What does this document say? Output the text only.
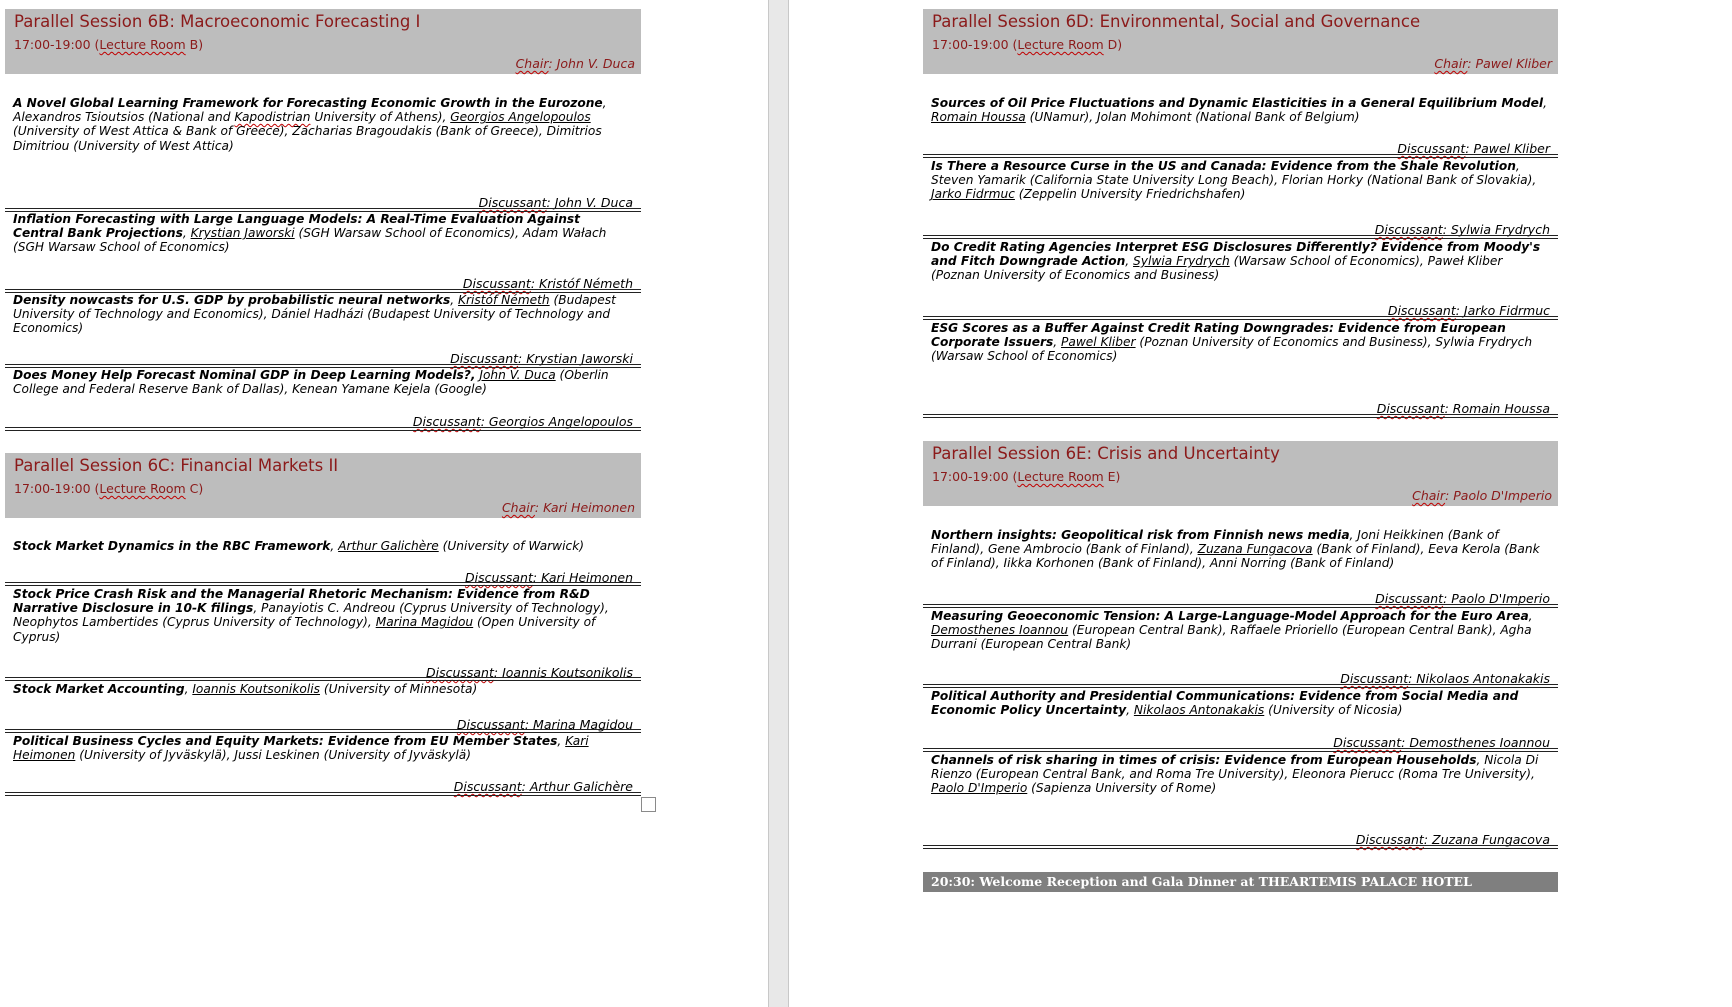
Parallel Session 6B: Macroeconomic Forecasting I
17:00-19:00 (Lecture Room B)
Chair: John V. Duca
A Novel Global Learning Framework for Forecasting Economic Growth in the Eurozone, Alexandros Tsioutsios (National and Kapodistrian University of Athens), Georgios Angelopoulos (University of West Attica & Bank of Greece), Zacharias Bragoudakis (Bank of Greece), Dimitrios Dimitriou (University of West Attica)
Discussant: John V. Duca
Inflation Forecasting with Large Language Models: A Real-Time Evaluation Against Central Bank Projections, Krystian Jaworski (SGH Warsaw School of Economics), Adam Wałach (SGH Warsaw School of Economics)
Discussant: Kristóf Németh
Density nowcasts for U.S. GDP by probabilistic neural networks, Kristóf Németh (Budapest University of Technology and Economics), Dániel Hadházi (Budapest University of Technology and Economics)
Discussant: Krystian Jaworski
Does Money Help Forecast Nominal GDP in Deep Learning Models?, John V. Duca (Oberlin College and Federal Reserve Bank of Dallas), Kenean Yamane Kejela (Google)
Discussant: Georgios Angelopoulos
Parallel Session 6C: Financial Markets II
17:00-19:00 (Lecture Room C)
Chair: Kari Heimonen
Stock Market Dynamics in the RBC Framework, Arthur Galichère (University of Warwick)
Discussant: Kari Heimonen
Stock Price Crash Risk and the Managerial Rhetoric Mechanism: Evidence from R&D Narrative Disclosure in 10-K filings, Panayiotis C. Andreou (Cyprus University of Technology), Neophytos Lambertides (Cyprus University of Technology), Marina Magidou (Open University of Cyprus)
Discussant: Ioannis Koutsonikolis
Stock Market Accounting, Ioannis Koutsonikolis (University of Minnesota)
Discussant: Marina Magidou
Political Business Cycles and Equity Markets: Evidence from EU Member States, Kari Heimonen (University of Jyväskylä), Jussi Leskinen (University of Jyväskylä)
Discussant: Arthur Galichère
Parallel Session 6D: Environmental, Social and Governance
17:00-19:00 (Lecture Room D)
Chair: Pawel Kliber
Sources of Oil Price Fluctuations and Dynamic Elasticities in a General Equilibrium Model, Romain Houssa (UNamur), Jolan Mohimont (National Bank of Belgium)
Discussant: Pawel Kliber
Is There a Resource Curse in the US and Canada: Evidence from the Shale Revolution, Steven Yamarik (California State University Long Beach), Florian Horky (National Bank of Slovakia), Jarko Fidrmuc (Zeppelin University Friedrichshafen)
Discussant: Sylwia Frydrych
Do Credit Rating Agencies Interpret ESG Disclosures Differently? Evidence from Moody's and Fitch Downgrade Action, Sylwia Frydrych (Warsaw School of Economics), Paweł Kliber (Poznan University of Economics and Business)
Discussant: Jarko Fidrmuc
ESG Scores as a Buffer Against Credit Rating Downgrades: Evidence from European Corporate Issuers, Pawel Kliber (Poznan University of Economics and Business), Sylwia Frydrych (Warsaw School of Economics)
Discussant: Romain Houssa
Parallel Session 6E: Crisis and Uncertainty
17:00-19:00 (Lecture Room E)
Chair: Paolo D'Imperio
Northern insights: Geopolitical risk from Finnish news media, Joni Heikkinen (Bank of Finland), Gene Ambrocio (Bank of Finland), Zuzana Fungacova (Bank of Finland), Eeva Kerola (Bank of Finland), Iikka Korhonen (Bank of Finland), Anni Norring (Bank of Finland)
Discussant: Paolo D'Imperio
Measuring Geoeconomic Tension: A Large-Language-Model Approach for the Euro Area, Demosthenes Ioannou (European Central Bank), Raffaele Prioriello (European Central Bank), Agha Durrani (European Central Bank)
Discussant: Nikolaos Antonakakis
Political Authority and Presidential Communications: Evidence from Social Media and Economic Policy Uncertainty, Nikolaos Antonakakis (University of Nicosia)
Discussant: Demosthenes Ioannou
Channels of risk sharing in times of crisis: Evidence from European Households, Nicola Di Rienzo (European Central Bank, and Roma Tre University), Eleonora Pierucc (Roma Tre University), Paolo D'Imperio (Sapienza University of Rome)
Discussant: Zuzana Fungacova
20:30: Welcome Reception and Gala Dinner at THEARTEMIS PALACE HOTEL
